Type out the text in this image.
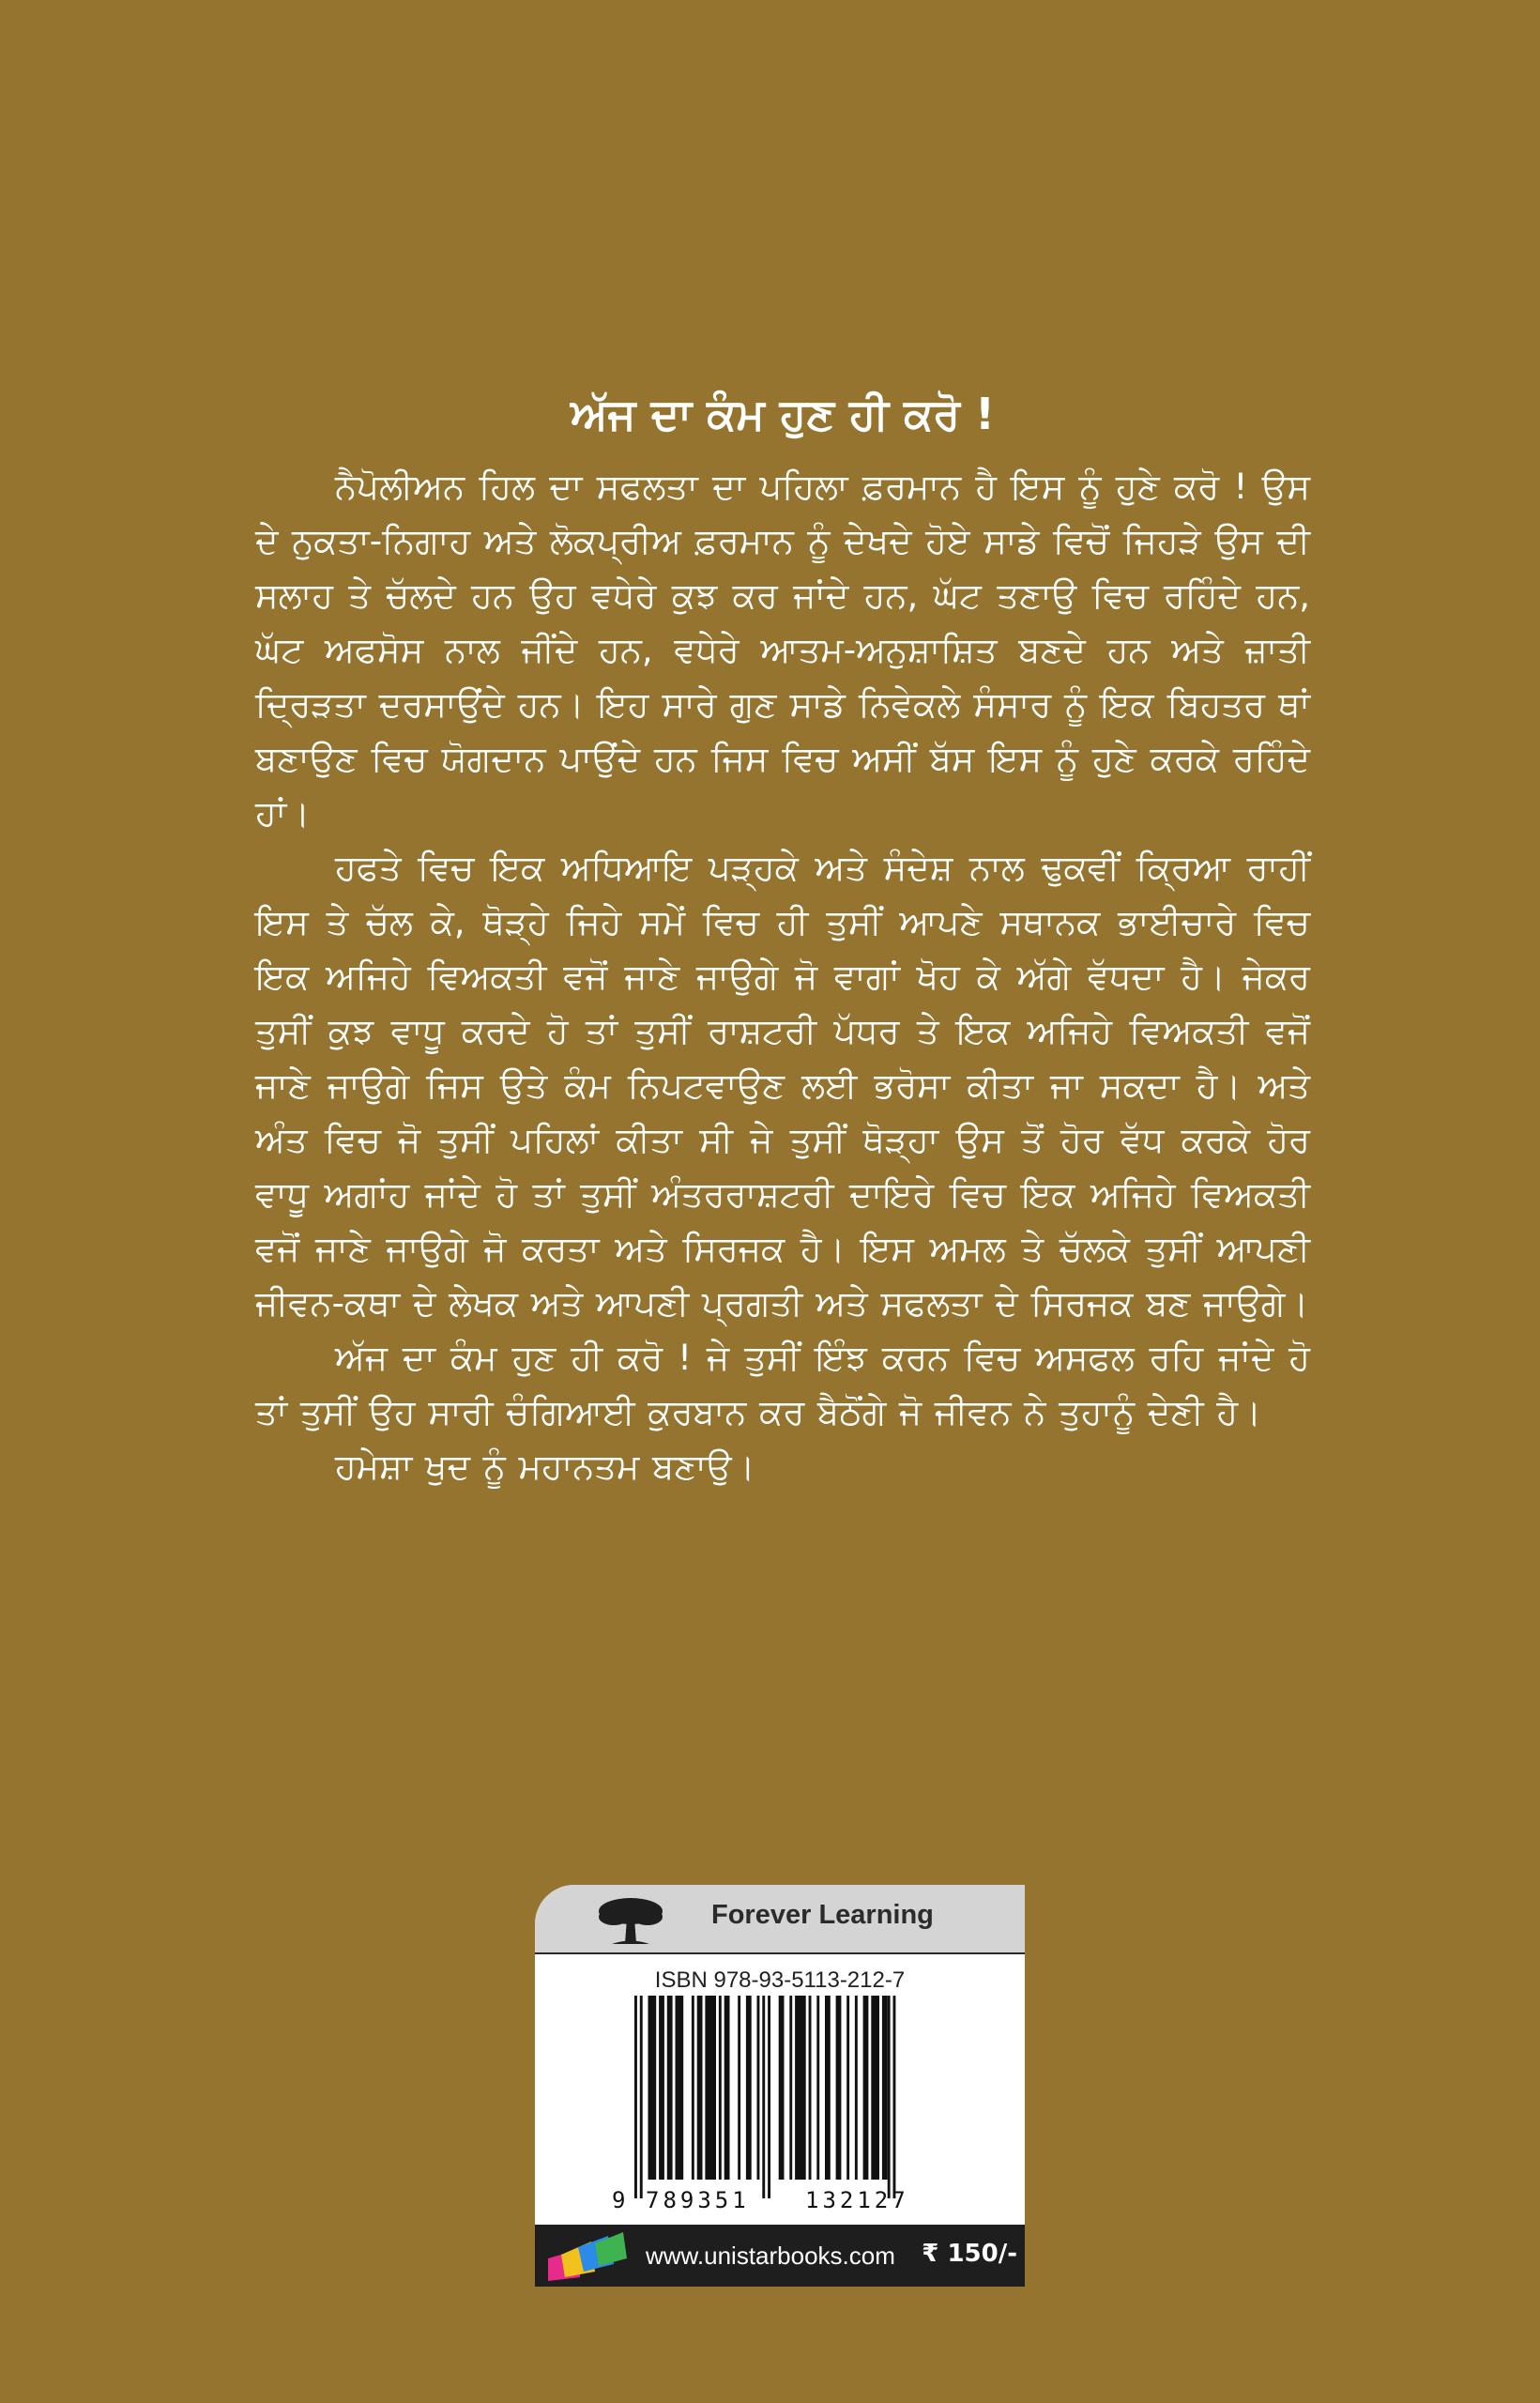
ਅੱਜ ਦਾ ਕੰਮ ਹੁਣ ਹੀ ਕਰੋ !

ਨੈਪੋਲੀਅਨ ਹਿਲ ਦਾ ਸਫਲਤਾ ਦਾ ਪਹਿਲਾ ਫ਼ਰਮਾਨ ਹੈ ਇਸ ਨੂੰ ਹੁਣੇ ਕਰੋ ! ਉਸ ਦੇ ਨੁਕਤਾ-ਨਿਗਾਹ ਅਤੇ ਲੋਕਪ੍ਰੀਅ ਫ਼ਰਮਾਨ ਨੂੰ ਦੇਖਦੇ ਹੋਏ ਸਾਡੇ ਵਿਚੋਂ ਜਿਹੜੇ ਉਸ ਦੀ ਸਲਾਹ ਤੇ ਚੱਲਦੇ ਹਨ ਉਹ ਵਧੇਰੇ ਕੁਝ ਕਰ ਜਾਂਦੇ ਹਨ, ਘੱਟ ਤਣਾਉ ਵਿਚ ਰਹਿੰਦੇ ਹਨ, ਘੱਟ ਅਫਸੋਸ ਨਾਲ ਜੀਂਦੇ ਹਨ, ਵਧੇਰੇ ਆਤਮ-ਅਨੁਸ਼ਾਸ਼ਿਤ ਬਣਦੇ ਹਨ ਅਤੇ ਜ਼ਾਤੀ ਦ੍ਰਿੜਤਾ ਦਰਸਾਉਂਦੇ ਹਨ। ਇਹ ਸਾਰੇ ਗੁਣ ਸਾਡੇ ਨਿਵੇਕਲੇ ਸੰਸਾਰ ਨੂੰ ਇਕ ਬਿਹਤਰ ਥਾਂ ਬਣਾਉਣ ਵਿਚ ਯੋਗਦਾਨ ਪਾਉਂਦੇ ਹਨ ਜਿਸ ਵਿਚ ਅਸੀਂ ਬੱਸ ਇਸ ਨੂੰ ਹੁਣੇ ਕਰਕੇ ਰਹਿੰਦੇ ਹਾਂ।

ਹਫਤੇ ਵਿਚ ਇਕ ਅਧਿਆਇ ਪੜ੍ਹਕੇ ਅਤੇ ਸੰਦੇਸ਼ ਨਾਲ ਢੁਕਵੀਂ ਕ੍ਰਿਆ ਰਾਹੀਂ ਇਸ ਤੇ ਚੱਲ ਕੇ, ਥੋੜ੍ਹੇ ਜਿਹੇ ਸਮੇਂ ਵਿਚ ਹੀ ਤੁਸੀਂ ਆਪਣੇ ਸਥਾਨਕ ਭਾਈਚਾਰੇ ਵਿਚ ਇਕ ਅਜਿਹੇ ਵਿਅਕਤੀ ਵਜੋਂ ਜਾਣੇ ਜਾਉਗੇ ਜੋ ਵਾਗਾਂ ਖੋਹ ਕੇ ਅੱਗੇ ਵੱਧਦਾ ਹੈ। ਜੇਕਰ ਤੁਸੀਂ ਕੁਝ ਵਾਧੂ ਕਰਦੇ ਹੋ ਤਾਂ ਤੁਸੀਂ ਰਾਸ਼ਟਰੀ ਪੱਧਰ ਤੇ ਇਕ ਅਜਿਹੇ ਵਿਅਕਤੀ ਵਜੋਂ ਜਾਣੇ ਜਾਉਗੇ ਜਿਸ ਉਤੇ ਕੰਮ ਨਿਪਟਵਾਉਣ ਲਈ ਭਰੋਸਾ ਕੀਤਾ ਜਾ ਸਕਦਾ ਹੈ। ਅਤੇ ਅੰਤ ਵਿਚ ਜੋ ਤੁਸੀਂ ਪਹਿਲਾਂ ਕੀਤਾ ਸੀ ਜੇ ਤੁਸੀਂ ਥੋੜ੍ਹਾ ਉਸ ਤੋਂ ਹੋਰ ਵੱਧ ਕਰਕੇ ਹੋਰ ਵਾਧੂ ਅਗਾਂਹ ਜਾਂਦੇ ਹੋ ਤਾਂ ਤੁਸੀਂ ਅੰਤਰਰਾਸ਼ਟਰੀ ਦਾਇਰੇ ਵਿਚ ਇਕ ਅਜਿਹੇ ਵਿਅਕਤੀ ਵਜੋਂ ਜਾਣੇ ਜਾਉਗੇ ਜੋ ਕਰਤਾ ਅਤੇ ਸਿਰਜਕ ਹੈ। ਇਸ ਅਮਲ ਤੇ ਚੱਲਕੇ ਤੁਸੀਂ ਆਪਣੀ ਜੀਵਨ-ਕਥਾ ਦੇ ਲੇਖਕ ਅਤੇ ਆਪਣੀ ਪ੍ਰਗਤੀ ਅਤੇ ਸਫਲਤਾ ਦੇ ਸਿਰਜਕ ਬਣ ਜਾਉਗੇ।

ਅੱਜ ਦਾ ਕੰਮ ਹੁਣ ਹੀ ਕਰੋ ! ਜੇ ਤੁਸੀਂ ਇੰਝ ਕਰਨ ਵਿਚ ਅਸਫਲ ਰਹਿ ਜਾਂਦੇ ਹੋ ਤਾਂ ਤੁਸੀਂ ਉਹ ਸਾਰੀ ਚੰਗਿਆਈ ਕੁਰਬਾਨ ਕਰ ਬੈਠੋਂਗੇ ਜੋ ਜੀਵਨ ਨੇ ਤੁਹਾਨੂੰ ਦੇਣੀ ਹੈ।

ਹਮੇਸ਼ਾ ਖੁਦ ਨੂੰ ਮਹਾਨਤਮ ਬਣਾਉ।

Forever Learning
ISBN 978-93-5113-212-7
9 789351 132127
www.unistarbooks.com ₹ 150/-
